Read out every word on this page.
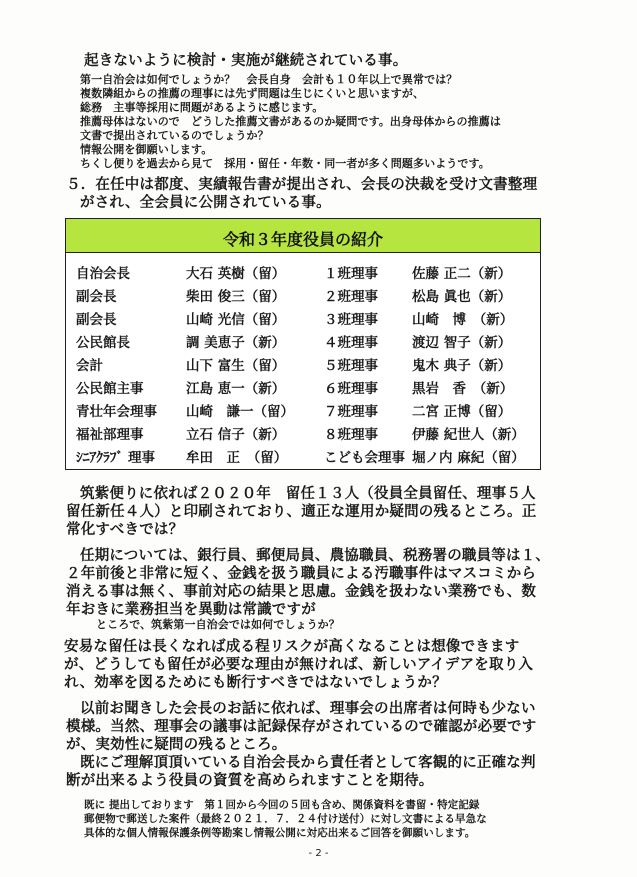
起きないように検討・実施が継続されている事。
第一自治会は如何でしょうか？　会長自身　会計も１０年以上で異常では？
複数隣組からの推薦の理事には先ず問題は生じにくいと思いますが、
総務　主事等採用に問題があるように感じます。
推薦母体はないので　どうした推薦文書があるのか疑問です。出身母体からの推薦は
文書で提出されているのでしょうか？
情報公開を御願いします。
ちくし便りを過去から見て　採用・留任・年数・同一者が多く問題多いようです。
５．在任中は都度、実績報告書が提出され、会長の決裁を受け文書整理
がされ、全会員に公開されている事。
令和３年度役員の紹介
自治会長	大石 英樹（留）	１班理事	佐藤 正二（新）
副会長	柴田 俊三（留）	２班理事	松島 眞也（新）
副会長	山崎 光信（留）	３班理事	山崎　博　（新）
公民館長	調 美恵子（新）	４班理事	渡辺 智子（新）
会計	山下 富生（留）	５班理事	鬼木 典子（新）
公民館主事	江島 恵一（新）	６班理事	黒岩　香　（新）
青壮年会理事 山崎　謙一（留） ７班理事	二宮 正博（留）
福祉部理事	立石 信子（新）	８班理事	伊藤 紀世人（新）
ｼﾆｱｸﾗﾌﾞ 理事 牟田　正　（留）	こども会理事 堀ノ内 麻紀（留）
筑紫便りに依れば２０２０年　留任１３人（役員全員留任、理事５人
留任新任４人）と印刷されており、適正な運用か疑問の残るところ。正
常化すべきでは？
任期については、銀行員、郵便局員、農協職員、税務署の職員等は１、
２年前後と非常に短く、金銭を扱う職員による汚職事件はマスコミから
消える事は無く、事前対応の結果と思慮。金銭を扱わない業務でも、数
年おきに業務担当を異動は常識ですが
ところで、筑紫第一自治会では如何でしょうか？
安易な留任は長くなれば成る程リスクが高くなることは想像できます
が、どうしても留任が必要な理由が無ければ、新しいアイデアを取り入
れ、効率を図るためにも断行すべきではないでしょうか？
以前お聞きした会長のお話に依れば、理事会の出席者は何時も少ない
模様。当然、理事会の議事は記録保存がされているので確認が必要です
が、実効性に疑問の残るところ。
既にご理解頂頂いている自治会長から責任者として客観的に正確な判
断が出来るよう役員の資質を高められますことを期待。
既に 提出しております　第１回から今回の５回も含め、関係資料を書留・特定記録
郵便物で郵送した案件（最終２０２１．７．２４付け送付）に対し文書による早急な
具体的な個人情報保護条例等勘案し情報公開に対応出来るご回答を御願いします。
- 2 -
